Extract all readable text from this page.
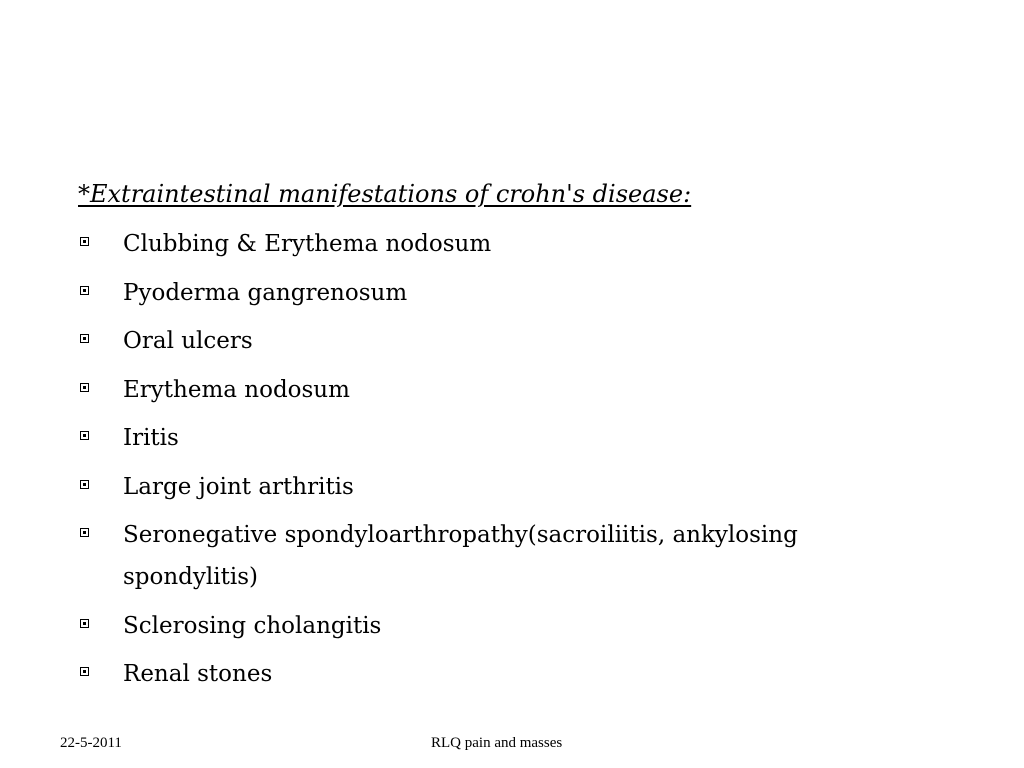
*Extraintestinal manifestations of crohn's disease:
Clubbing & Erythema nodosum
Pyoderma gangrenosum
Oral ulcers
Erythema nodosum
Iritis
Large joint arthritis
Seronegative spondyloarthropathy(sacroiliitis, ankylosing spondylitis)
Sclerosing cholangitis
Renal stones
22-5-2011	RLQ pain and masses
